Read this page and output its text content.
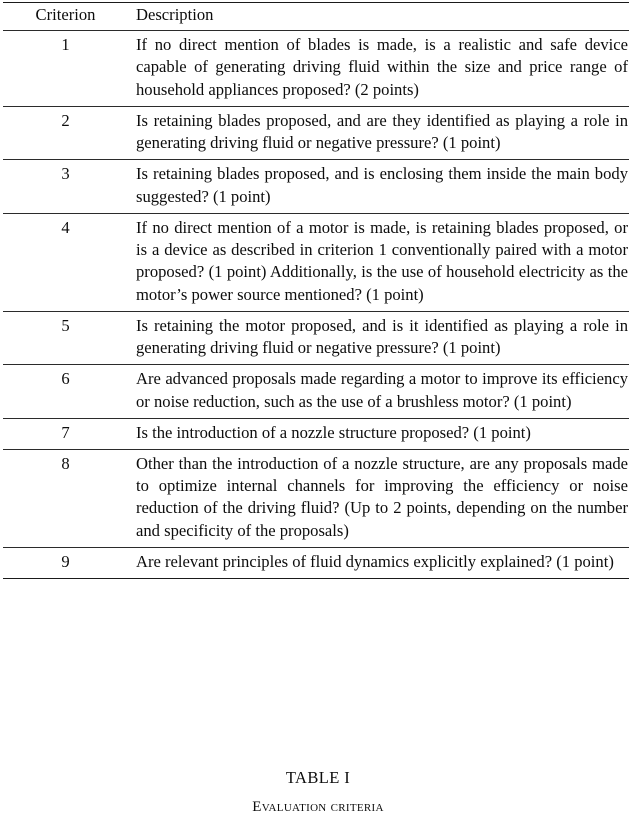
Criterion	Description
1	If no direct mention of blades is made, is a realistic and safe device capable of generating driving fluid within the size and price range of household appliances proposed? (2 points)

2	Is retaining blades proposed, and are they identified as playing a role in generating driving fluid or negative pressure? (1 point)

3	Is retaining blades proposed, and is enclosing them inside the main body suggested? (1 point)

4	If no direct mention of a motor is made, is retaining blades proposed, or is a device as described in criterion 1 conventionally paired with a motor proposed? (1 point) Additionally, is the use of household electricity as the motor’s power source mentioned? (1 point)

5	Is retaining the motor proposed, and is it identified as playing a role in generating driving fluid or negative pressure? (1 point)

6	Are advanced proposals made regarding a motor to improve its efficiency or noise reduction, such as the use of a brushless motor? (1 point)

7	Is the introduction of a nozzle structure proposed? (1 point)

8	Other than the introduction of a nozzle structure, are any proposals made to optimize internal channels for improving the efficiency or noise reduction of the driving fluid? (Up to 2 points, depending on the number and specificity of the proposals)

9	Are relevant principles of fluid dynamics explicitly explained? (1 point)

TABLE I
Evaluation criteria
